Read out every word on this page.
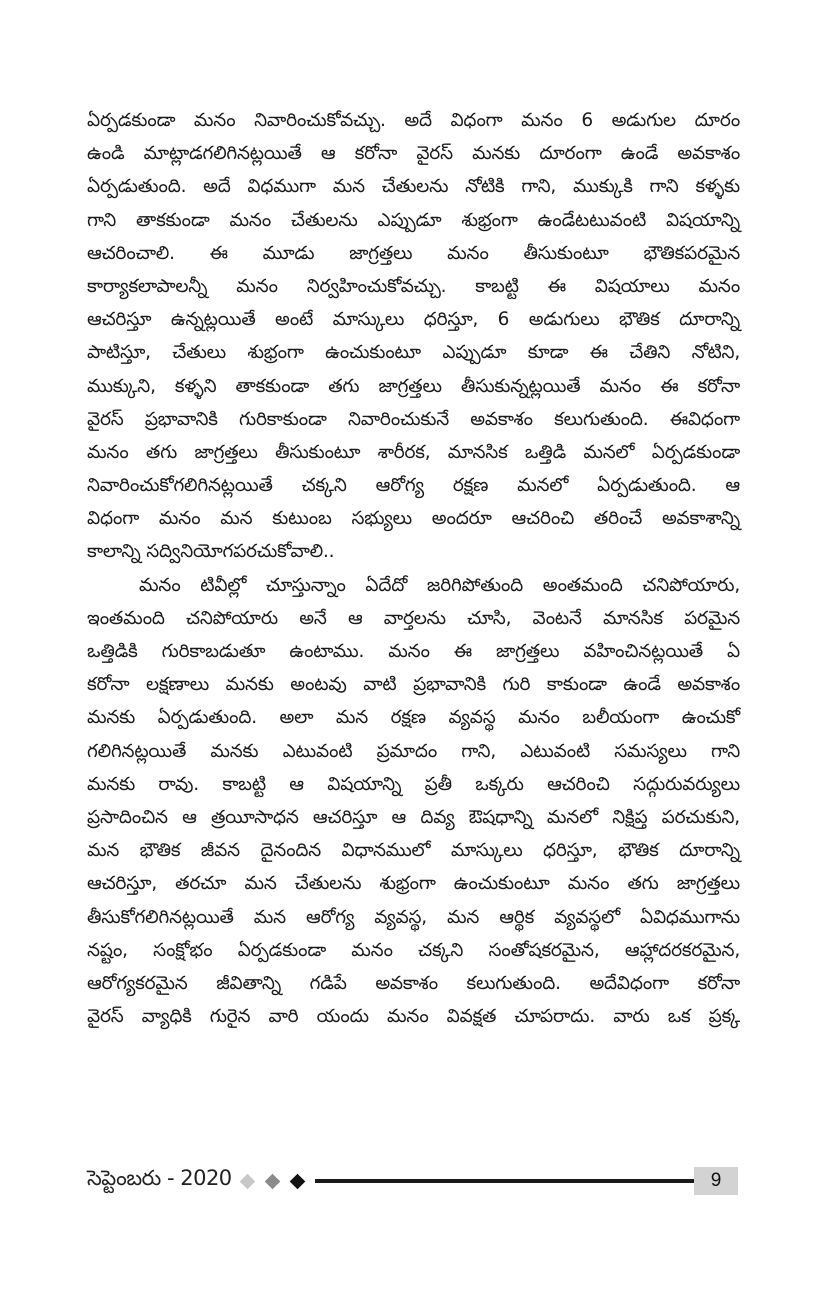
ఏర్పడకుండా మనం నివారించుకోవచ్చు. అదే విధంగా మనం 6 అడుగుల దూరం
ఉండి మాట్లాడగలిగినట్లయితే ఆ కరోనా వైరస్ మనకు దూరంగా ఉండే అవకాశం
ఏర్పడుతుంది. అదే విధముగా మన చేతులను నోటికి గాని, ముక్కుకి గాని కళ్ళకు
గాని తాకకుండా మనం చేతులను ఎప్పుడూ శుభ్రంగా ఉండేటటువంటి విషయాన్ని
ఆచరించాలి. ఈ మూడు జాగ్రత్తలు మనం తీసుకుంటూ భౌతికపరమైన
కార్యాకలాపాలన్నీ మనం నిర్వహించుకోవచ్చు. కాబట్టి ఈ విషయాలు మనం
ఆచరిస్తూ ఉన్నట్లయితే అంటే మాస్కులు ధరిస్తూ, 6 అడుగులు భౌతిక దూరాన్ని
పాటిస్తూ, చేతులు శుభ్రంగా ఉంచుకుంటూ ఎప్పుడూ కూడా ఈ చేతిని నోటిని,
ముక్కుని, కళ్ళని తాకకుండా తగు జాగ్రత్తలు తీసుకున్నట్లయితే మనం ఈ కరోనా
వైరస్ ప్రభావానికి గురికాకుండా నివారించుకునే అవకాశం కలుగుతుంది. ఈవిధంగా
మనం తగు జాగ్రత్తలు తీసుకుంటూ శారీరక, మానసిక ఒత్తిడి మనలో ఏర్పడకుండా
నివారించుకోగలిగినట్లయితే చక్కని ఆరోగ్య రక్షణ మనలో ఏర్పడుతుంది. ఆ
విధంగా మనం మన కుటుంబ సభ్యులు అందరూ ఆచరించి తరించే అవకాశాన్ని
కాలాన్ని సద్వినియోగపరచుకోవాలి..
మనం టివీల్లో చూస్తున్నాం ఏదేదో జరిగిపోతుంది అంతమంది చనిపోయారు,
ఇంతమంది చనిపోయారు అనే ఆ వార్తలను చూసి, వెంటనే మానసిక పరమైన
ఒత్తిడికి గురికాబడుతూ ఉంటాము. మనం ఈ జాగ్రత్తలు వహించినట్లయితే ఏ
కరోనా లక్షణాలు మనకు అంటవు వాటి ప్రభావానికి గురి కాకుండా ఉండే అవకాశం
మనకు ఏర్పడుతుంది. అలా మన రక్షణ వ్యవస్థ మనం బలీయంగా ఉంచుకో
గలిగినట్లయితే మనకు ఎటువంటి ప్రమాదం గాని, ఎటువంటి సమస్యలు గాని
మనకు రావు. కాబట్టి ఆ విషయాన్ని ప్రతీ ఒక్కరు ఆచరించి సద్గురువర్యులు
ప్రసాదించిన ఆ త్రయీసాధన ఆచరిస్తూ ఆ దివ్య ఔషధాన్ని మనలో నిక్షిప్త పరచుకుని,
మన భౌతిక జీవన దైనందిన విధానములో మాస్కులు ధరిస్తూ, భౌతిక దూరాన్ని
ఆచరిస్తూ, తరచూ మన చేతులను శుభ్రంగా ఉంచుకుంటూ మనం తగు జాగ్రత్తలు
తీసుకోగలిగినట్లయితే మన ఆరోగ్య వ్యవస్థ, మన ఆర్థిక వ్యవస్థలో ఏవిధముగాను
నష్టం, సంక్షోభం ఏర్పడకుండా మనం చక్కని సంతోషకరమైన, ఆహ్లాదరకరమైన,
ఆరోగ్యకరమైన జీవితాన్ని గడిపే అవకాశం కలుగుతుంది. అదేవిధంగా కరోనా
వైరస్ వ్యాధికి గురైన వారి యందు మనం వివక్షత చూపరాదు. వారు ఒక ప్రక్క
సెప్టెంబరు - 2020	9
